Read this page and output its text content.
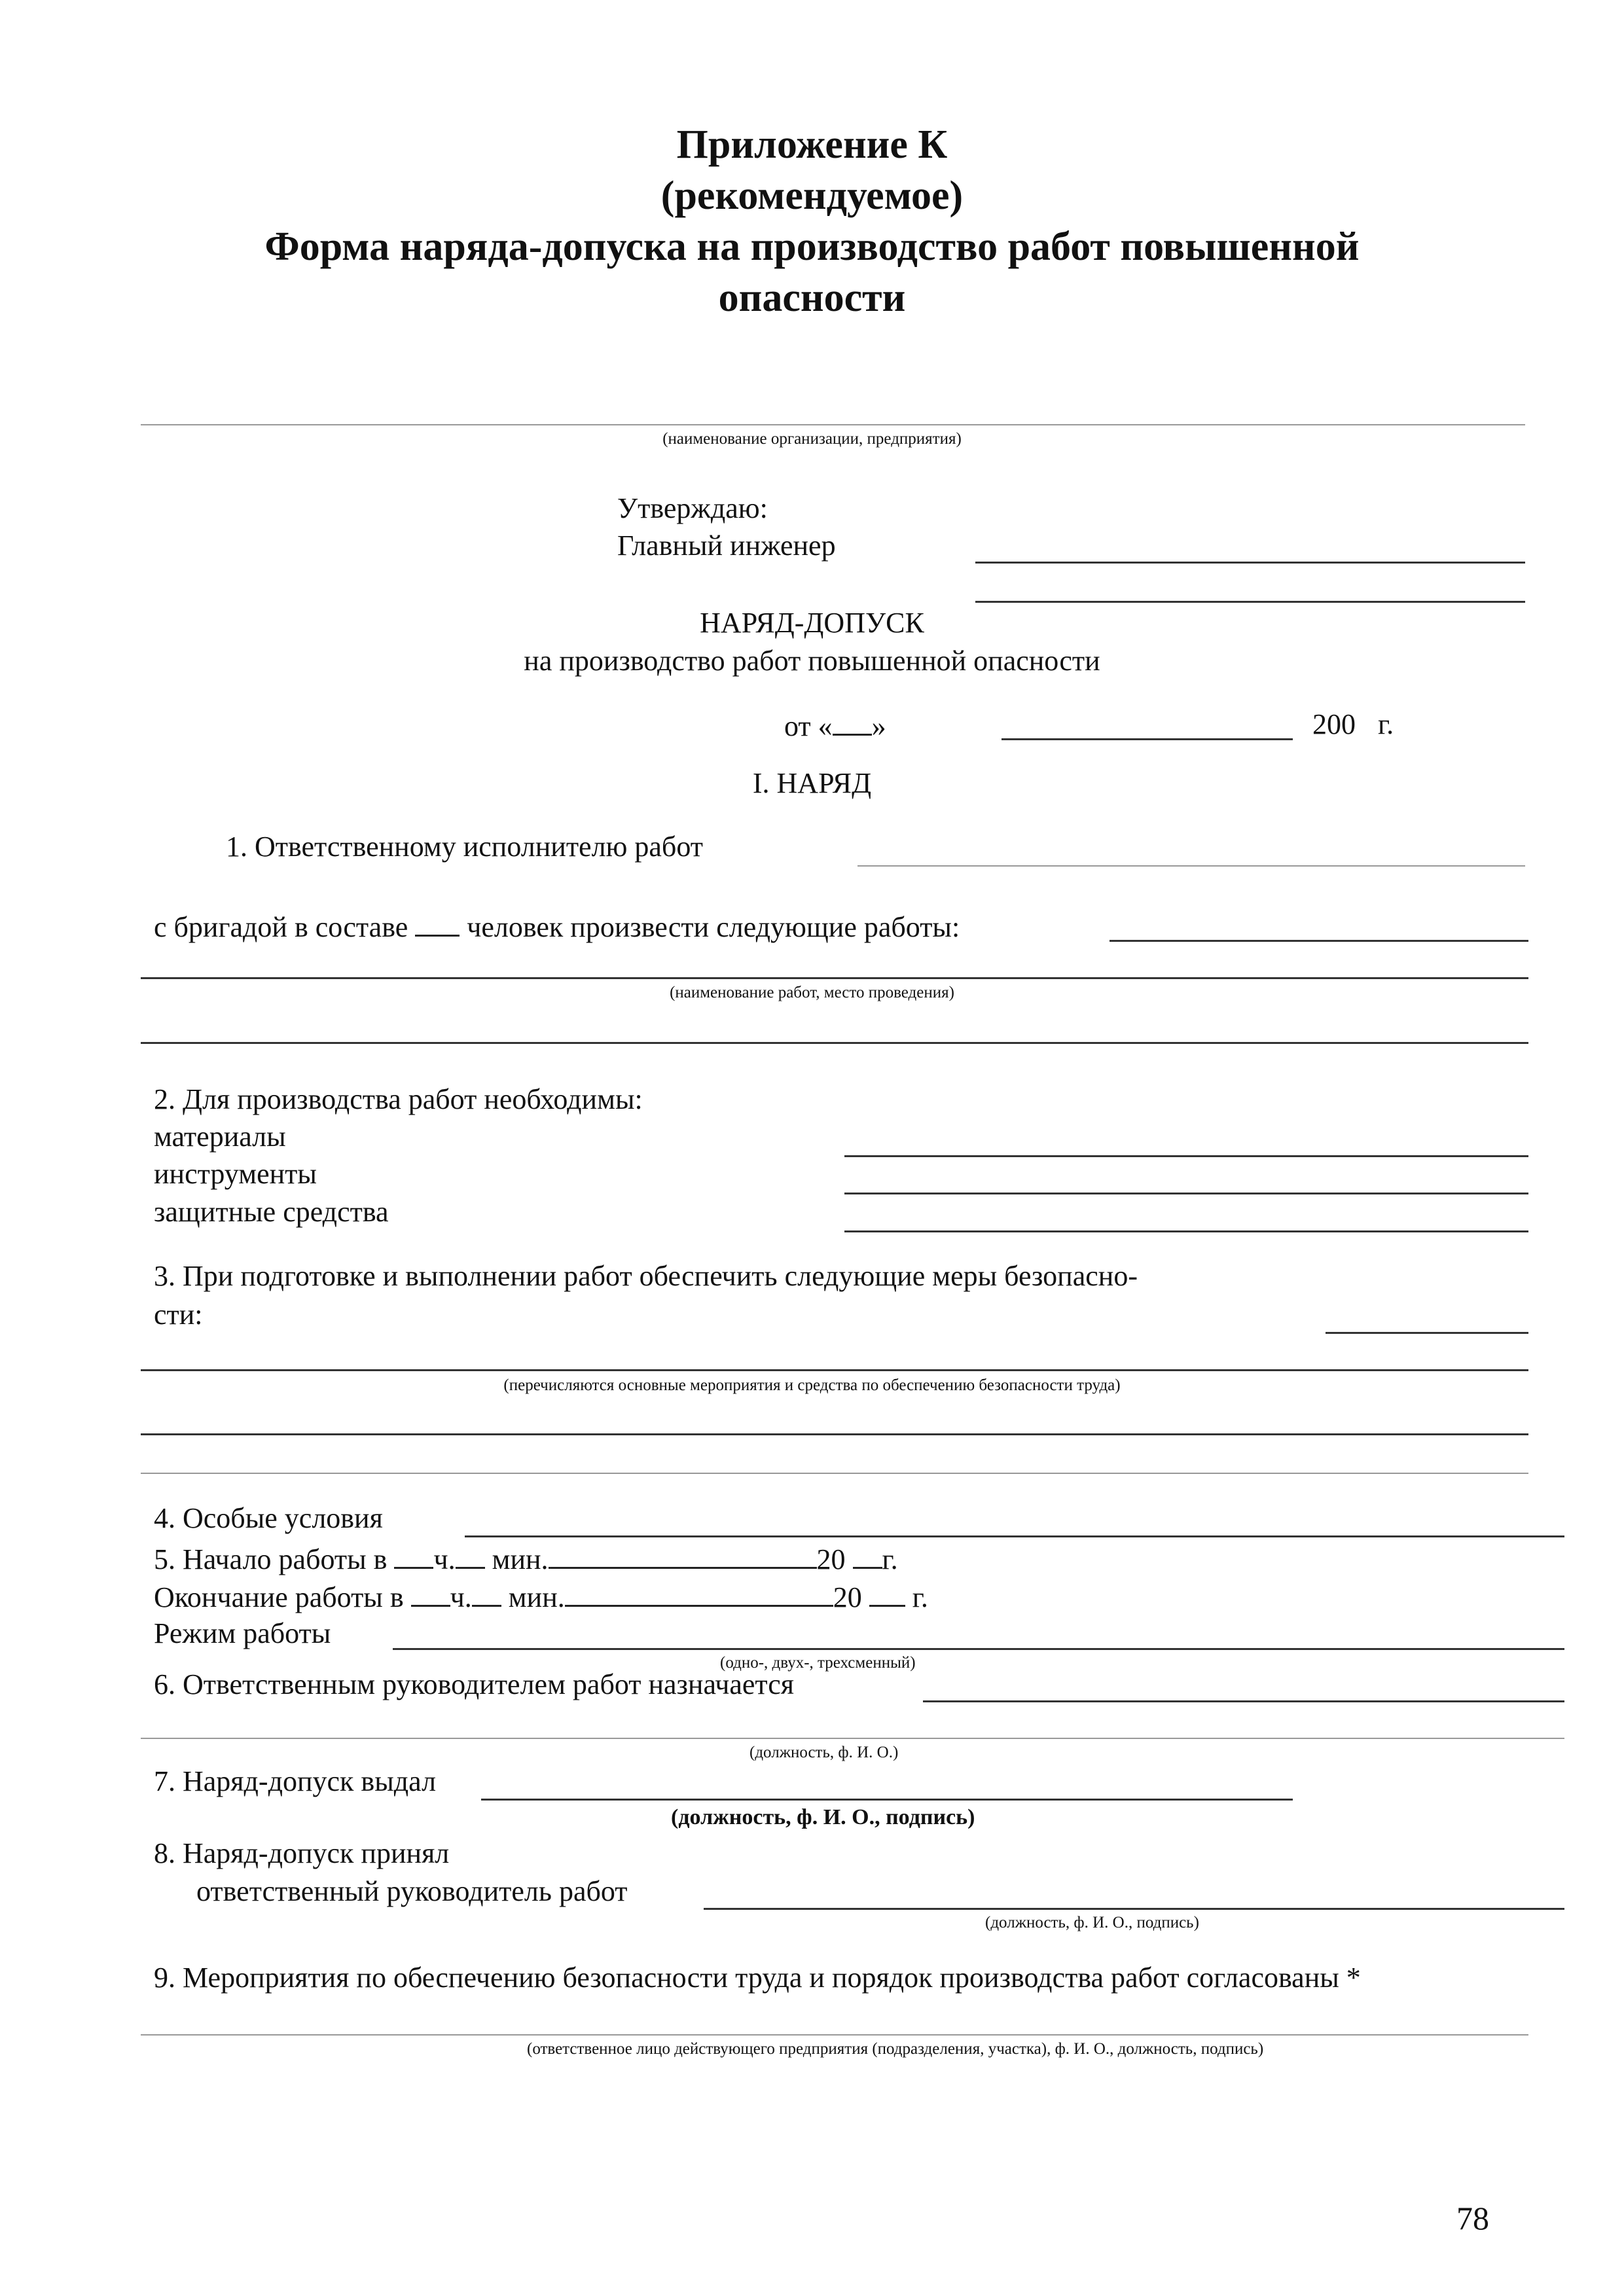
Приложение К
(рекомендуемое)
Форма наряда-допуска на производство работ повышенной
опасности
(наименование организации, предприятия)
Утверждаю:
Главный инженер
НАРЯД-ДОПУСК
на производство работ повышенной опасности
от « »	200 г.
I. НАРЯД
1. Ответственному исполнителю работ
с бригадой в составе человек произвести следующие работы:
(наименование работ, место проведения)
2. Для производства работ необходимы:
материалы
инструменты
защитные средства
3. При подготовке и выполнении работ обеспечить следующие меры безопасно-
сти:
(перечисляются основные мероприятия и средства по обеспечению безопасности труда)
4. Особые условия
5. Начало работы в ч. мин.	20 г.
Окончание работы в ч. мин.	20 г.
Режим работы
(одно-, двух-, трехсменный)
6. Ответственным руководителем работ назначается
(должность, ф. И. О.)
7. Наряд-допуск выдал
(должность, ф. И. О., подпись)
8. Наряд-допуск принял
ответственный руководитель работ
(должность, ф. И. О., подпись)
9. Мероприятия по обеспечению безопасности труда и порядок производства работ согласованы *
(ответственное лицо действующего предприятия (подразделения, участка), ф. И. О., должность, подпись)
78
